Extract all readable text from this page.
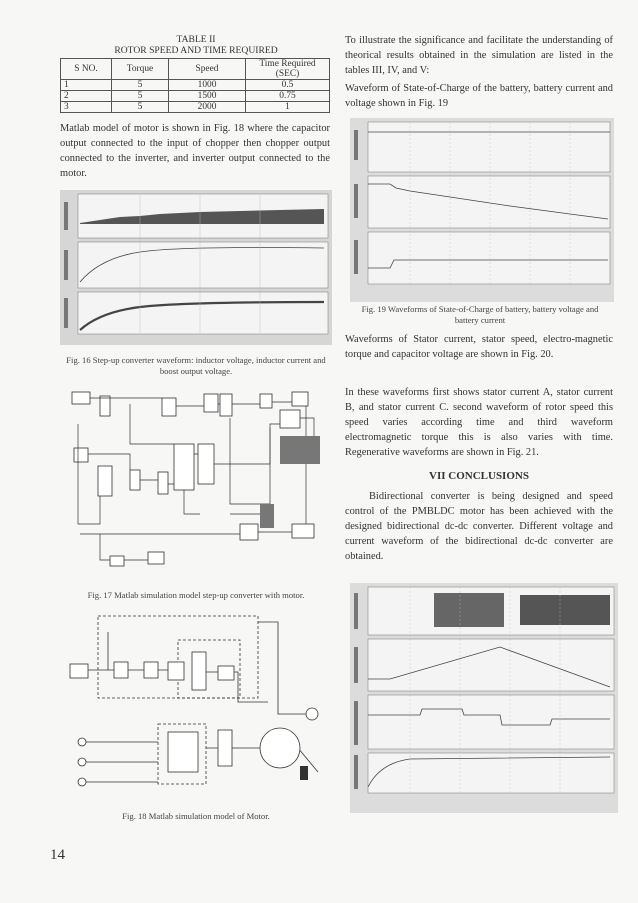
TABLE II
ROTOR SPEED AND TIME REQUIRED
S NO.	Torque	Speed	Time Required (SEC)
1	5	1000	0.5
2	5	1500	0.75
3	5	2000	1
Matlab model of motor is shown in Fig. 18 where the capacitor output connected to the input of chopper then chopper output connected to the inverter, and inverter output connected to the motor.
Fig. 16 Step-up converter waveform: inductor voltage, inductor current and boost output voltage.
Fig. 17 Matlab simulation model step-up converter with motor.
Fig. 18 Matlab simulation model of Motor.
14
To illustrate the significance and facilitate the understanding of theorical results obtained in the simulation are listed in the tables III, IV, and V:
Waveform of State-of-Charge of the battery, battery current and voltage shown in Fig. 19
Fig. 19 Waveforms of State-of-Charge of battery, battery voltage and battery current
Waveforms of Stator current, stator speed, electro-magnetic torque and capacitor voltage are shown in Fig. 20.
In these waveforms first shows stator current A, stator current B, and stator current C. second waveform of rotor speed this speed varies according time and third waveform electromagnetic torque this is also varies with time. Regenerative waveforms are shown in Fig. 21.
VII CONCLUSIONS
Bidirectional converter is being designed and speed control of the PMBLDC motor has been achieved with the designed bidirectional dc-dc converter. Different voltage and current waveform of the bidirectional dc-dc converter are obtained.
